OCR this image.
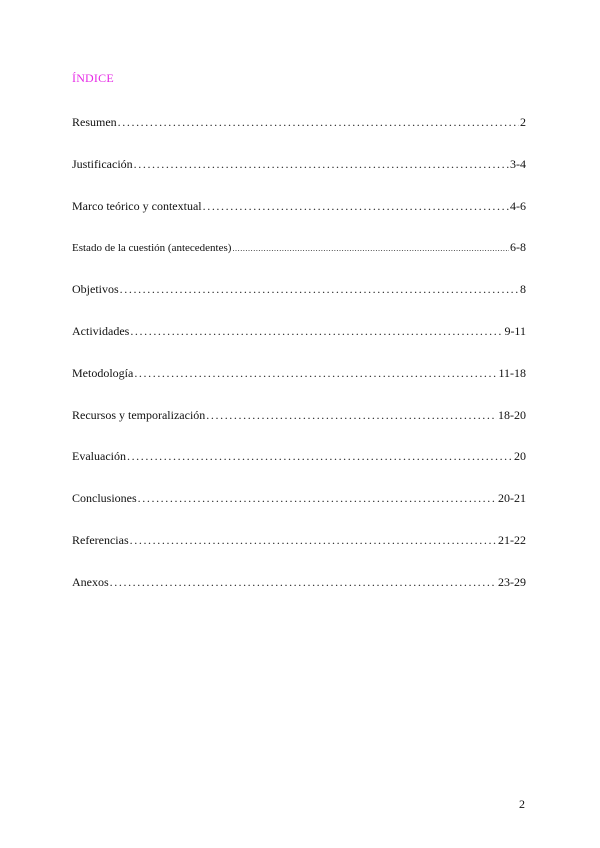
ÍNDICE
Resumen .....	2
Justificación .....	3-4
Marco teórico y contextual .....	4-6
Estado de la cuestión (antecedentes) .....	6-8
Objetivos .....	8
Actividades .....	9-11
Metodología .....	11-18
Recursos y temporalización .....	18-20
Evaluación .....	20
Conclusiones .....	20-21
Referencias .....	21-22
Anexos .....	23-29
2
